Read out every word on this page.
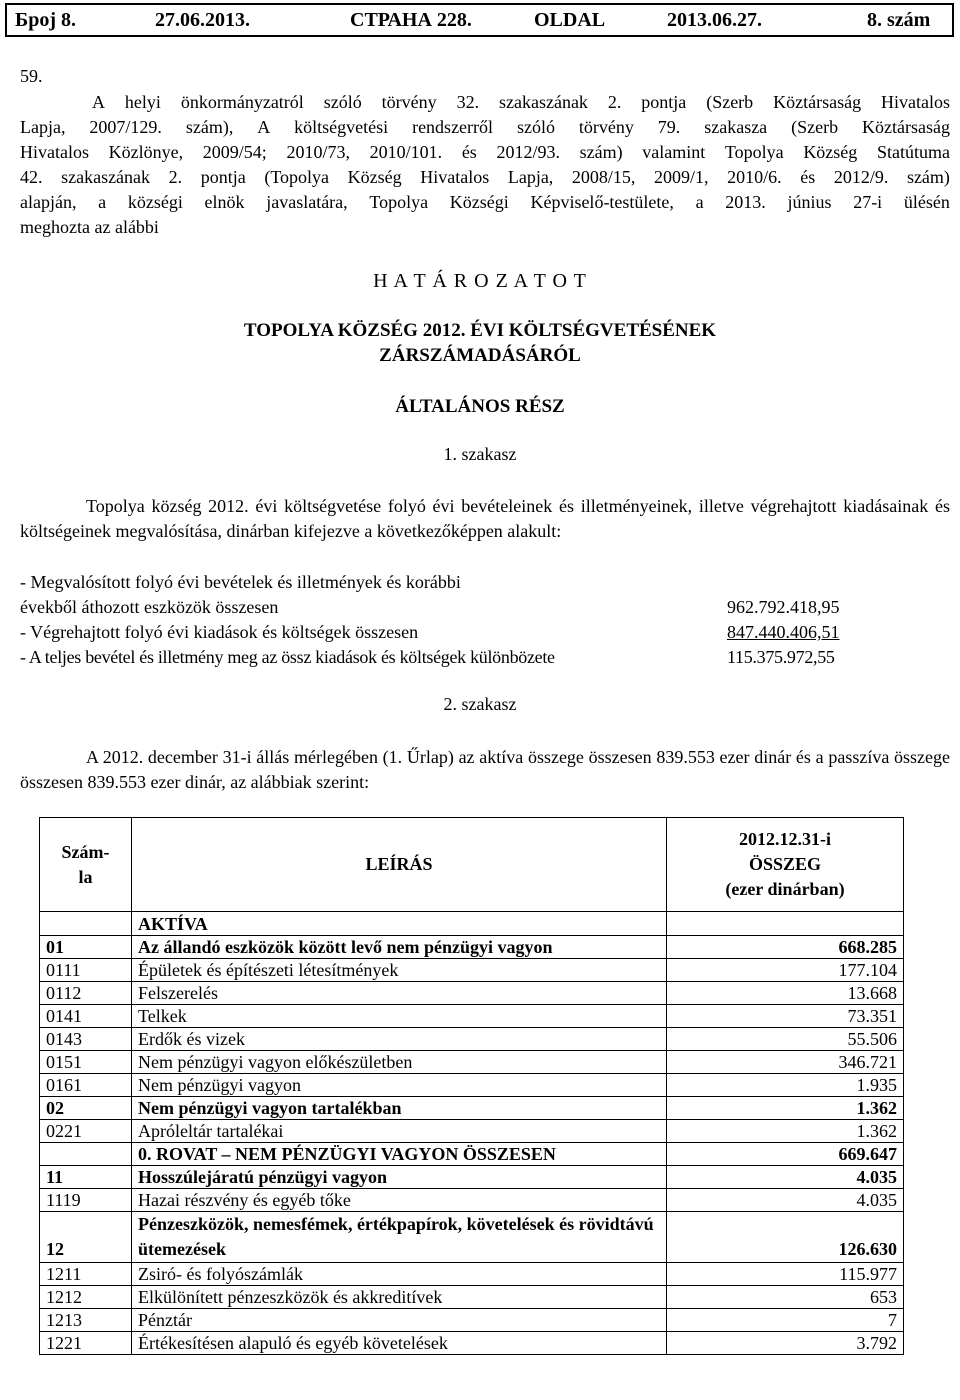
Број 8.	27.06.2013.	СТРАНА 228.	OLDAL	2013.06.27.	8. szám
59.
A helyi önkormányzatról szóló törvény 32. szakaszának 2. pontja (Szerb Köztársaság Hivatalos
Lapja, 2007/129. szám), A költségvetési rendszerről szóló törvény 79. szakasza (Szerb Köztársaság
Hivatalos Közlönye, 2009/54; 2010/73, 2010/101. és 2012/93. szám) valamint Topolya Község Statútuma
42. szakaszának 2. pontja (Topolya Község Hivatalos Lapja, 2008/15, 2009/1, 2010/6. és 2012/9. szám)
alapján, a községi elnök javaslatára, Topolya Községi Képviselő-testülete, a 2013. június 27-i ülésén
meghozta az alábbi
H A T Á R O Z A T O T
TOPOLYA KÖZSÉG 2012. ÉVI KÖLTSÉGVETÉSÉNEK
ZÁRSZÁMADÁSÁRÓL
ÁLTALÁNOS RÉSZ
1. szakasz
Topolya község 2012. évi költségvetése folyó évi bevételeinek és illetményeinek, illetve végrehajtott kiadásainak és költségeinek megvalósítása, dinárban kifejezve a következőképpen alakult:
- Megvalósított folyó évi bevételek és illetmények és korábbi
évekből áthozott eszközök összesen	962.792.418,95
- Végrehajtott folyó évi kiadások és költségek összesen	847.440.406,51
- A teljes bevétel és illetmény meg az össz kiadások és költségek különbözete	115.375.972,55
2. szakasz
A 2012. december 31-i állás mérlegében (1. Űrlap) az aktíva összege összesen 839.553 ezer dinár és a passzíva összege összesen 839.553 ezer dinár, az alábbiak szerint:
Szám-
la	LEÍRÁS	2012.12.31-i
ÖSSZEG
(ezer dinárban)
	AKTÍVA	
01	Az állandó eszközök között levő nem pénzügyi vagyon	668.285
0111	Épületek és építészeti létesítmények	177.104
0112	Felszerelés	13.668
0141	Telkek	73.351
0143	Erdők és vizek	55.506
0151	Nem pénzügyi vagyon előkészületben	346.721
0161	Nem pénzügyi vagyon	1.935
02	Nem pénzügyi vagyon tartalékban	1.362
0221	Apróleltár tartalékai	1.362
	0. ROVAT – NEM PÉNZÜGYI VAGYON ÖSSZESEN	669.647
11	Hosszúlejáratú pénzügyi vagyon	4.035
1119	Hazai részvény és egyéb tőke	4.035
12	Pénzeszközök, nemesfémek, értékpapírok, követelések és rövidtávú ütemezések	126.630
1211	Zsiró- és folyószámlák	115.977
1212	Elkülönített pénzeszközök és akkreditívek	653
1213	Pénztár	7
1221	Értékesítésen alapuló és egyéb követelések	3.792
